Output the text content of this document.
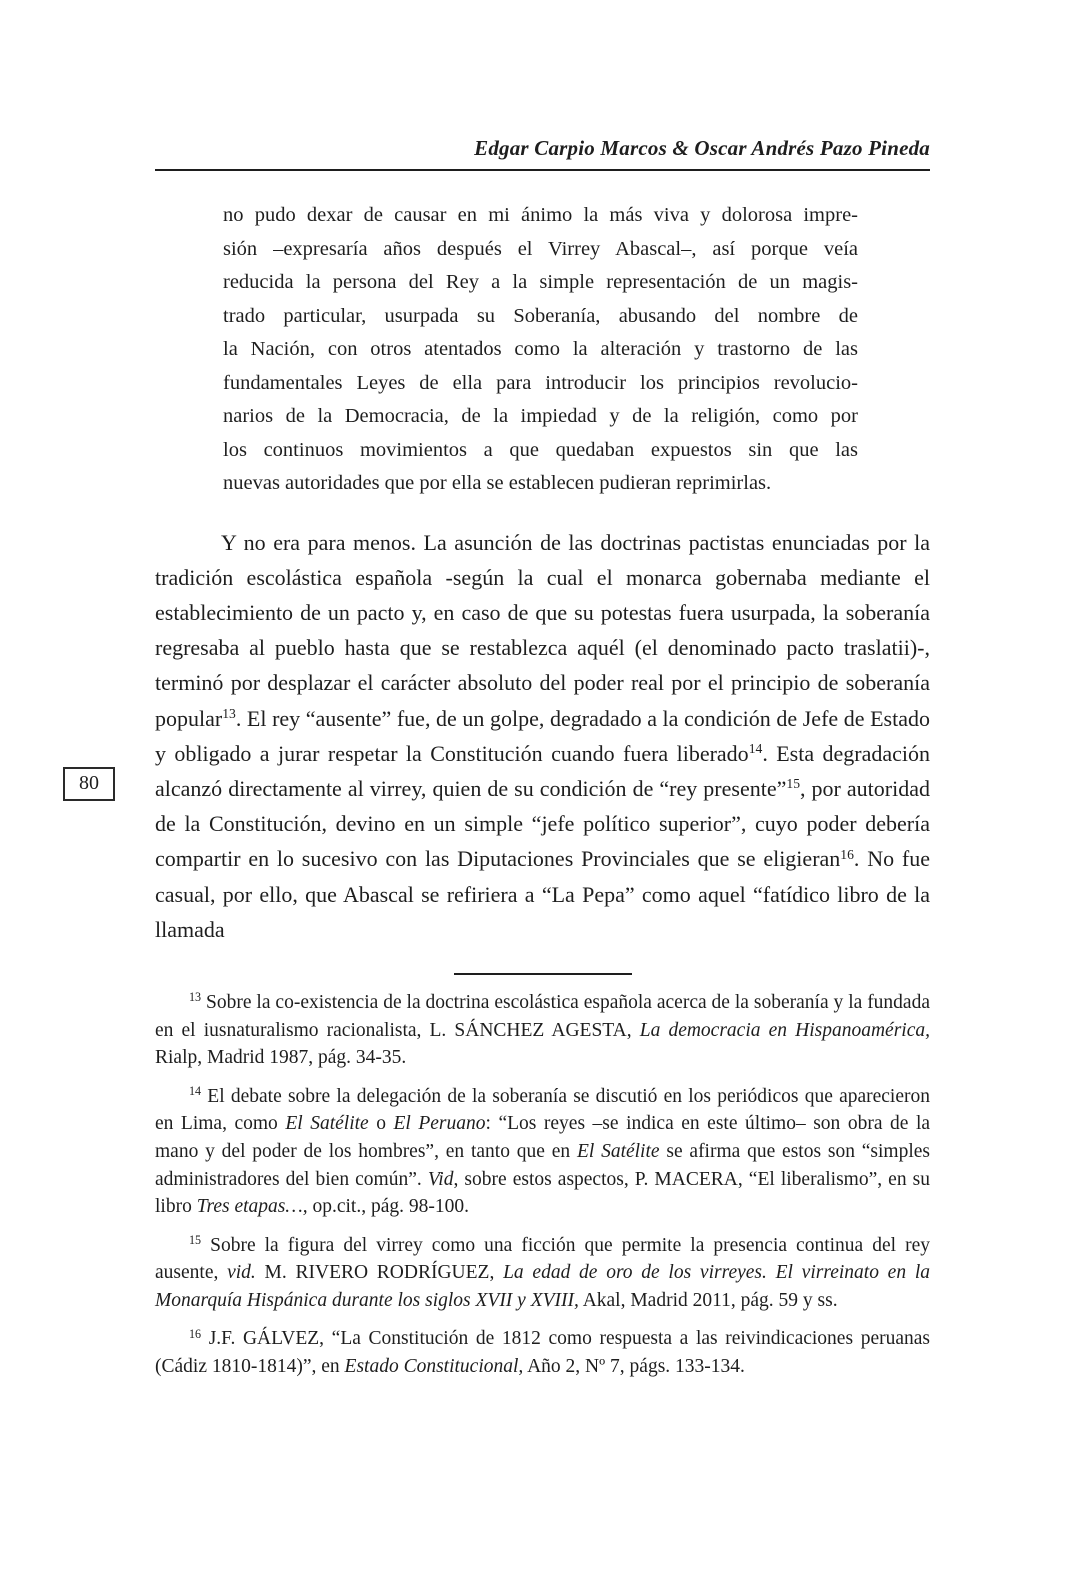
80
Edgar Carpio Marcos & Oscar Andrés Pazo Pineda
no pudo dexar de causar en mi ánimo la más viva y dolorosa impre-
sión –expresaría años después el Virrey Abascal–, así porque veía
reducida la persona del Rey a la simple representación de un magis-
trado particular, usurpada su Soberanía, abusando del nombre de
la Nación, con otros atentados como la alteración y trastorno de las
fundamentales Leyes de ella para introducir los principios revolucio-
narios de la Democracia, de la impiedad y de la religión, como por
los continuos movimientos a que quedaban expuestos sin que las
nuevas autoridades que por ella se establecen pudieran reprimirlas.

Y no era para menos. La asunción de las doctrinas pactistas enunciadas por la tradición escolástica española -según la cual el monarca gobernaba mediante el establecimiento de un pacto y, en caso de que su potestas fuera usurpada, la soberanía regresaba al pueblo hasta que se restablezca aquél (el denominado pacto traslatii)-, terminó por desplazar el carácter absoluto del poder real por el principio de soberanía popular$^{13}$. El rey “ausente” fue, de un golpe, degradado a la condición de Jefe de Estado y obligado a jurar respetar la Constitución cuando fuera liberado$^{14}$. Esta degradación alcanzó directamente al virrey, quien de su condición de “rey presente”$^{15}$, por autoridad de la Constitución, devino en un simple “jefe político superior”, cuyo poder debería compartir en lo sucesivo con las Diputaciones Provinciales que se eligieran$^{16}$. No fue casual, por ello, que Abascal se refiriera a “La Pepa” como aquel “fatídico libro de la llamada

$^{13}$ Sobre la co-existencia de la doctrina escolástica española acerca de la soberanía y la fundada en el iusnaturalismo racionalista, L. SÁNCHEZ AGESTA, La democracia en Hispanoamérica, Rialp, Madrid 1987, pág. 34-35.

$^{14}$ El debate sobre la delegación de la soberanía se discutió en los periódicos que aparecieron en Lima, como El Satélite o El Peruano: “Los reyes –se indica en este último– son obra de la mano y del poder de los hombres”, en tanto que en El Satélite se afirma que estos son “simples administradores del bien común”. Vid, sobre estos aspectos, P. MACERA, “El liberalismo”, en su libro Tres etapas…, op.cit., pág. 98-100.

$^{15}$ Sobre la figura del virrey como una ficción que permite la presencia continua del rey ausente, vid. M. RIVERO RODRÍGUEZ, La edad de oro de los virreyes. El virreinato en la Monarquía Hispánica durante los siglos XVII y XVIII, Akal, Madrid 2011, pág. 59 y ss.

$^{16}$ J.F. GÁLVEZ, “La Constitución de 1812 como respuesta a las reivindicaciones peruanas (Cádiz 1810-1814)”, en Estado Constitucional, Año 2, Nº 7, págs. 133-134.
